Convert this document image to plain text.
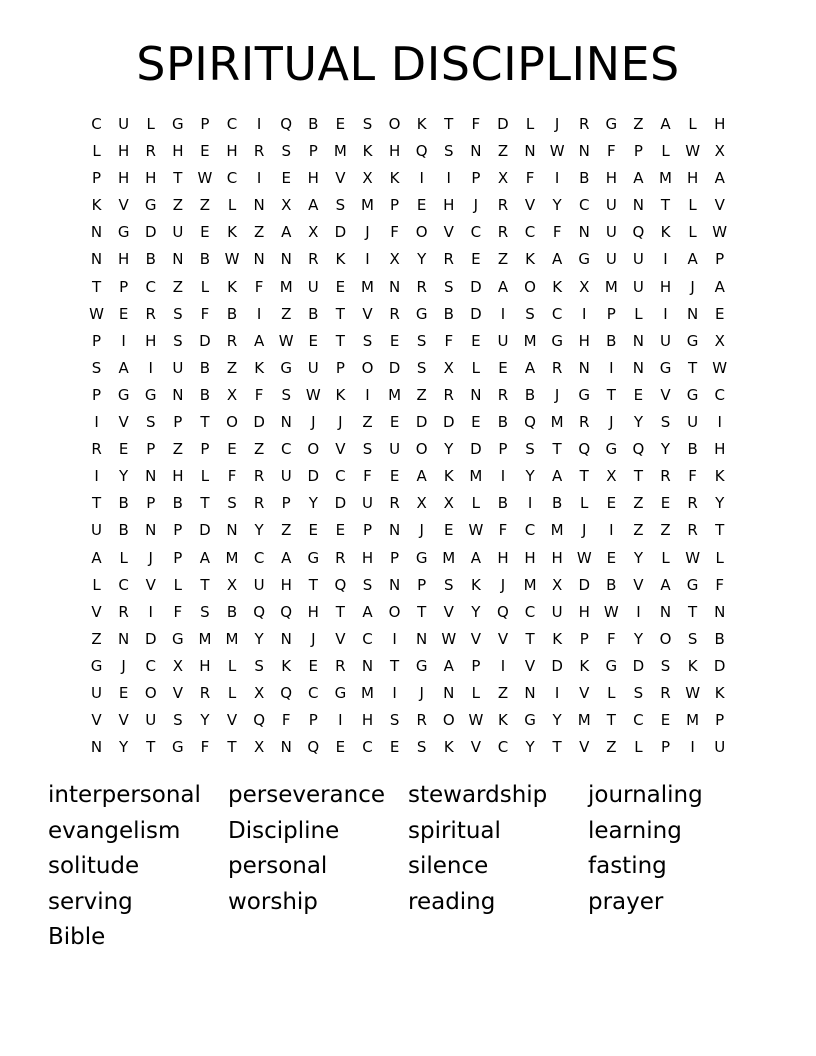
SPIRITUAL DISCIPLINES
C	U	L	G	P	C	I	Q	B	E	S	O	K	T	F	D	L	J	R	G	Z	A	L	H
L	H	R	H	E	H	R	S	P	M	K	H	Q	S	N	Z	N W N	F	P	L	W X
P	H	H	T	W C	I	E	H	V	X	K	I	I	P	X	F	I	B	H	A	M H	A
K	V	G	Z	Z	L	N	X	A	S	M	P	E	H	J	R	V	Y	C	U	N	T	L	V
N	G	D	U	E	K	Z	A	X	D	J	F	O	V	C	R	C	F	N	U	Q	K	L	W
N	H	B	N	B W N	N	R	K	I	X	Y	R	E	Z	K	A	G	U	U	I	A	P
T	P	C	Z	L	K	F	M	U	E	M	N	R	S	D	A	O	K	X	M	U	H	J	A
W E	R	S	F	B	I	Z	B	T	V	R	G	B	D	I	S	C	I	P	L	I	N	E
P	I	H	S	D	R	A W E	T	S	E	S	F	E	U	M G	H	B	N	U	G	X
S	A	I	U	B	Z	K	G	U	P	O	D	S	X	L	E	A	R	N	I	N	G	T	W
P	G	G	N	B	X	F	S W K	I	M	Z	R	N	R	B	J	G	T	E	V	G	C
I	V	S	P	T	O	D	N	J	J	Z	E	D	D	E	B	Q M	R	J	Y	S	U	I
R	E	P	Z	P	E	Z	C	O	V	S	U	O	Y	D	P	S	T	Q	G	Q	Y	B	H
I	Y	N	H	L	F	R	U	D	C	F	E	A	K	M	I	Y	A	T	X	T	R	F	K
T	B	P	B	T	S	R	P	Y	D	U	R	X	X	L	B	I	B	L	E	Z	E	R	Y
U	B	N	P	D	N	Y	Z	E	E	P	N	J	E W	F	C	M	J	I	Z	Z	R	T
A	L	J	P	A	M	C	A	G	R	H	P	G M	A	H	H	H W E	Y	L	W	L
L	C	V	L	T	X	U	H	T	Q	S	N	P	S	K	J	M	X	D	B	V	A	G	F
V	R	I	F	S	B	Q	Q	H	T	A	O	T	V	Y	Q	C	U	H W	I	N	T	N
Z	N	D	G M M	Y	N	J	V	C	I	N W V	V	T	K	P	F	Y	O	S	B
G	J	C	X	H	L	S	K	E	R	N	T	G	A	P	I	V	D	K	G	D	S	K	D
U	E	O	V	R	L	X	Q	C	G M	I	J	N	L	Z	N	I	V	L	S	R W K
V	V	U	S	Y	V	Q	F	P	I	H	S	R	O W K	G	Y	M	T	C	E	M	P
N	Y	T	G	F	T	X	N	Q	E	C	E	S	K	V	C	Y	T	V	Z	L	P	I	U
interpersonal	perseverance stewardship	journaling
evangelism	Discipline	spiritual	learning
solitude	personal	silence	fasting
serving	worship	reading	prayer
Bible
